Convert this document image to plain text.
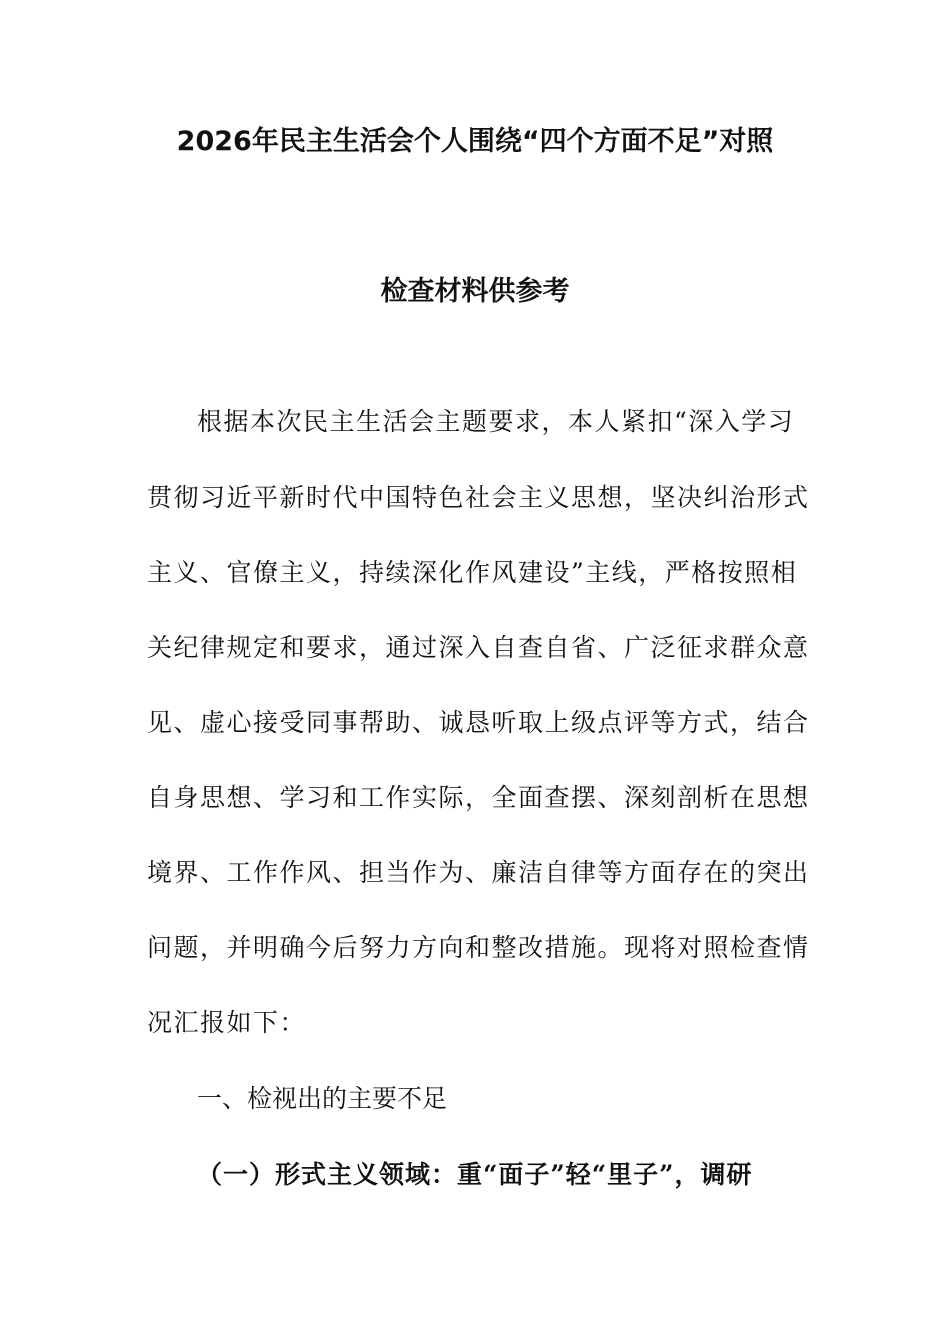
2026年民主生活会个人围绕“四个方面不足”对照
检查材料供参考
根据本次民主生活会主题要求，本人紧扣“深入学习
贯彻习近平新时代中国特色社会主义思想，坚决纠治形式
主义、官僚主义，持续深化作风建设”主线，严格按照相
关纪律规定和要求，通过深入自查自省、广泛征求群众意
见、虚心接受同事帮助、诚恳听取上级点评等方式，结合
自身思想、学习和工作实际，全面查摆、深刻剖析在思想
境界、工作作风、担当作为、廉洁自律等方面存在的突出
问题，并明确今后努力方向和整改措施。现将对照检查情
况汇报如下：
一、检视出的主要不足
（一）形式主义领域：重“面子”轻“里子”，调研
